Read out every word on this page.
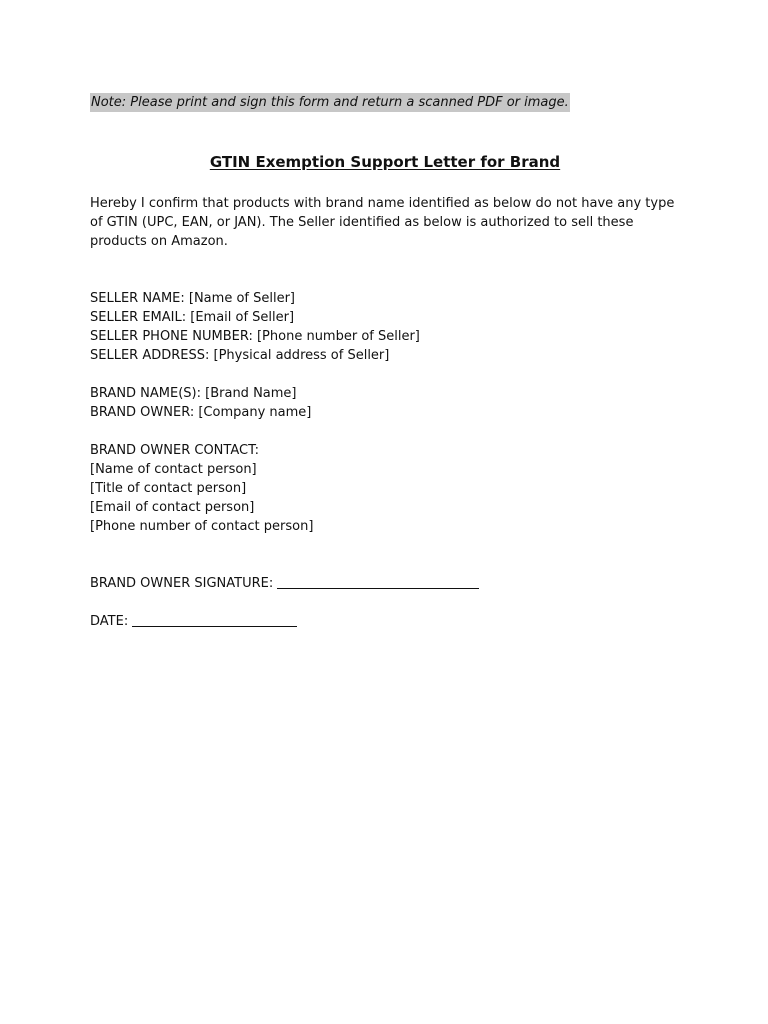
Note: Please print and sign this form and return a scanned PDF or image.
GTIN Exemption Support Letter for Brand
Hereby I confirm that products with brand name identified as below do not have any type of GTIN (UPC, EAN, or JAN). The Seller identified as below is authorized to sell these products on Amazon.
SELLER NAME: [Name of Seller]
SELLER EMAIL: [Email of Seller]
SELLER PHONE NUMBER: [Phone number of Seller]
SELLER ADDRESS: [Physical address of Seller]
BRAND NAME(S): [Brand Name]
BRAND OWNER: [Company name]
BRAND OWNER CONTACT:
[Name of contact person]
[Title of contact person]
[Email of contact person]
[Phone number of contact person]
BRAND OWNER SIGNATURE:
DATE:
